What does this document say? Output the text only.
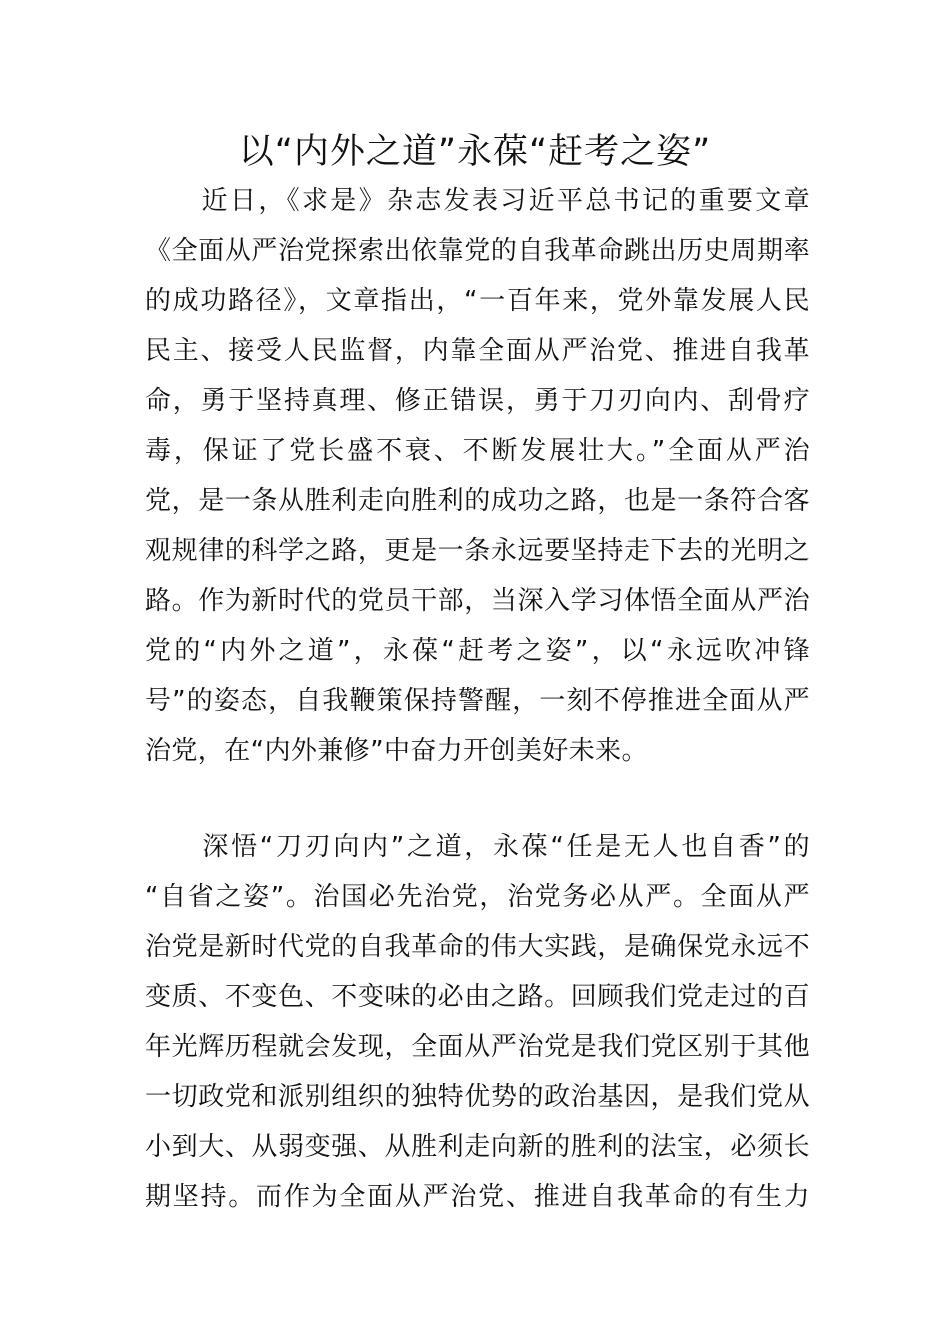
以“内外之道”永葆“赶考之姿”
　　近日，《求是》杂志发表习近平总书记的重要文章
《全面从严治党探索出依靠党的自我革命跳出历史周期率
的成功路径》，文章指出，“一百年来，党外靠发展人民
民主、接受人民监督，内靠全面从严治党、推进自我革
命，勇于坚持真理、修正错误，勇于刀刃向内、刮骨疗
毒，保证了党长盛不衰、不断发展壮大。”全面从严治
党，是一条从胜利走向胜利的成功之路，也是一条符合客
观规律的科学之路，更是一条永远要坚持走下去的光明之
路。作为新时代的党员干部，当深入学习体悟全面从严治
党的“内外之道”，永葆“赶考之姿”，以“永远吹冲锋
号”的姿态，自我鞭策保持警醒，一刻不停推进全面从严
治党，在“内外兼修”中奋力开创美好未来。
　　深悟“刀刃向内”之道，永葆“任是无人也自香”的
“自省之姿”。治国必先治党，治党务必从严。全面从严
治党是新时代党的自我革命的伟大实践，是确保党永远不
变质、不变色、不变味的必由之路。回顾我们党走过的百
年光辉历程就会发现，全面从严治党是我们党区别于其他
一切政党和派别组织的独特优势的政治基因，是我们党从
小到大、从弱变强、从胜利走向新的胜利的法宝，必须长
期坚持。而作为全面从严治党、推进自我革命的有生力
